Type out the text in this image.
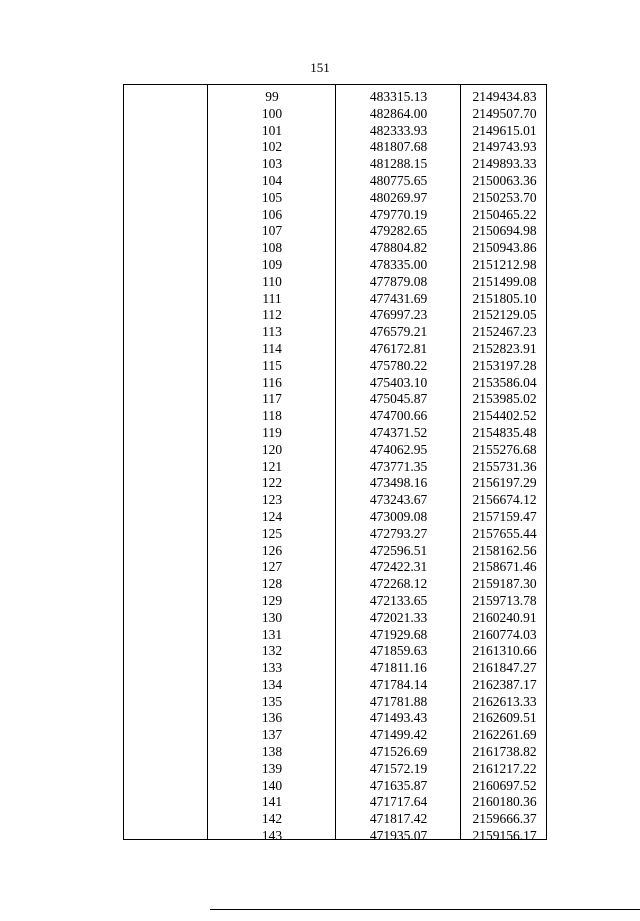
151
99	483315.13	2149434.83
100	482864.00	2149507.70
101	482333.93	2149615.01
102	481807.68	2149743.93
103	481288.15	2149893.33
104	480775.65	2150063.36
105	480269.97	2150253.70
106	479770.19	2150465.22
107	479282.65	2150694.98
108	478804.82	2150943.86
109	478335.00	2151212.98
110	477879.08	2151499.08
111	477431.69	2151805.10
112	476997.23	2152129.05
113	476579.21	2152467.23
114	476172.81	2152823.91
115	475780.22	2153197.28
116	475403.10	2153586.04
117	475045.87	2153985.02
118	474700.66	2154402.52
119	474371.52	2154835.48
120	474062.95	2155276.68
121	473771.35	2155731.36
122	473498.16	2156197.29
123	473243.67	2156674.12
124	473009.08	2157159.47
125	472793.27	2157655.44
126	472596.51	2158162.56
127	472422.31	2158671.46
128	472268.12	2159187.30
129	472133.65	2159713.78
130	472021.33	2160240.91
131	471929.68	2160774.03
132	471859.63	2161310.66
133	471811.16	2161847.27
134	471784.14	2162387.17
135	471781.88	2162613.33
136	471493.43	2162609.51
137	471499.42	2162261.69
138	471526.69	2161738.82
139	471572.19	2161217.22
140	471635.87	2160697.52
141	471717.64	2160180.36
142	471817.42	2159666.37
143	471935.07	2159156.17
